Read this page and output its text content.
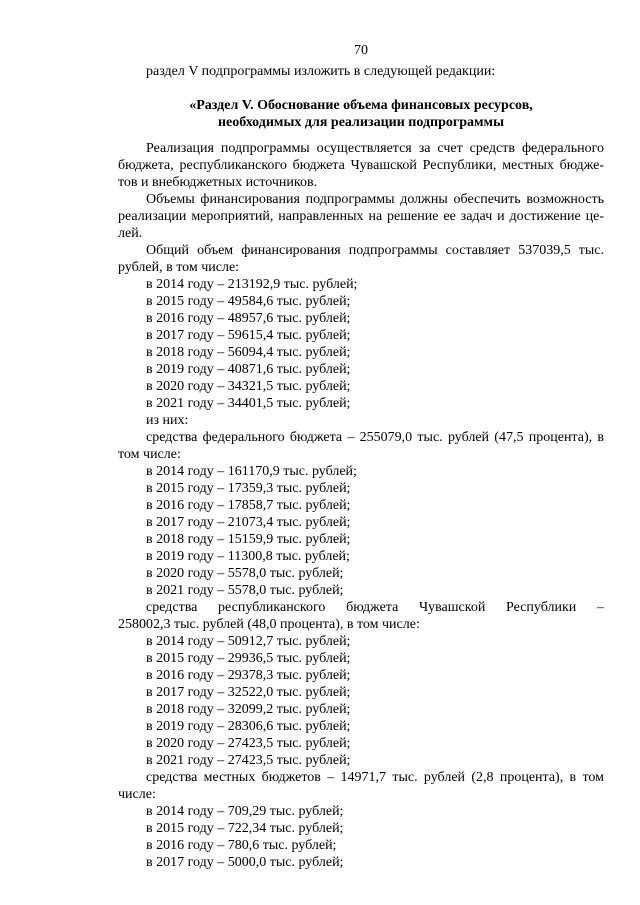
70
раздел V подпрограммы изложить в следующей редакции:
«Раздел V. Обоснование объема финансовых ресурсов,
необходимых для реализации подпрограммы
Реализация подпрограммы осуществляется за счет средств федерального
бюджета, республиканского бюджета Чувашской Республики, местных бюдже-
тов и внебюджетных источников.
Объемы финансирования подпрограммы должны обеспечить возможность
реализации мероприятий, направленных на решение ее задач и достижение це-
лей.
Общий объем финансирования подпрограммы составляет 537039,5 тыс.
рублей, в том числе:
в 2014 году – 213192,9 тыс. рублей;
в 2015 году – 49584,6 тыс. рублей;
в 2016 году – 48957,6 тыс. рублей;
в 2017 году – 59615,4 тыс. рублей;
в 2018 году – 56094,4 тыс. рублей;
в 2019 году – 40871,6 тыс. рублей;
в 2020 году – 34321,5 тыс. рублей;
в 2021 году – 34401,5 тыс. рублей;
из них:
средства федерального бюджета – 255079,0 тыс. рублей (47,5 процента), в
том числе:
в 2014 году – 161170,9 тыс. рублей;
в 2015 году – 17359,3 тыс. рублей;
в 2016 году – 17858,7 тыс. рублей;
в 2017 году – 21073,4 тыс. рублей;
в 2018 году – 15159,9 тыс. рублей;
в 2019 году – 11300,8 тыс. рублей;
в 2020 году – 5578,0 тыс. рублей;
в 2021 году – 5578,0 тыс. рублей;
средства республиканского бюджета Чувашской Республики –
258002,3 тыс. рублей (48,0 процента), в том числе:
в 2014 году – 50912,7 тыс. рублей;
в 2015 году – 29936,5 тыс. рублей;
в 2016 году – 29378,3 тыс. рублей;
в 2017 году – 32522,0 тыс. рублей;
в 2018 году – 32099,2 тыс. рублей;
в 2019 году – 28306,6 тыс. рублей;
в 2020 году – 27423,5 тыс. рублей;
в 2021 году – 27423,5 тыс. рублей;
средства местных бюджетов – 14971,7 тыс. рублей (2,8 процента), в том
числе:
в 2014 году – 709,29 тыс. рублей;
в 2015 году – 722,34 тыс. рублей;
в 2016 году – 780,6 тыс. рублей;
в 2017 году – 5000,0 тыс. рублей;
